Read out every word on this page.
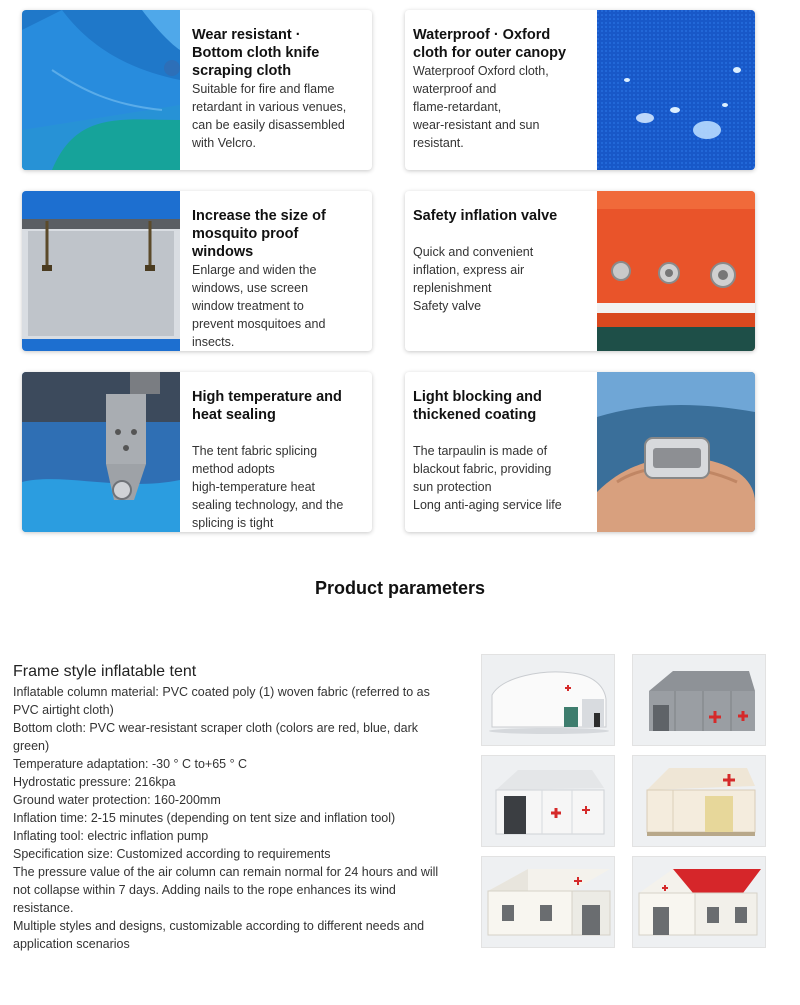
Wear resistant ·
Bottom cloth knife
scraping cloth

Suitable for fire and flame
retardant in various venues,
can be easily disassembled
with Velcro.

Waterproof · Oxford
cloth for outer canopy

Waterproof Oxford cloth,
waterproof and
flame-retardant,
wear-resistant and sun
resistant.

Increase the size of
mosquito proof
windows

Enlarge and widen the
windows, use screen
window treatment to
prevent mosquitoes and
insects.

Safety inflation valve

Quick and convenient
inflation, express air
replenishment
Safety valve

High temperature and
heat sealing

The tent fabric splicing
method adopts
high-temperature heat
sealing technology, and the
splicing is tight

Light blocking and
thickened coating

The tarpaulin is made of
blackout fabric, providing
sun protection
Long anti-aging service life

Product parameters
Frame style inflatable tent
Inflatable column material: PVC coated poly (1) woven fabric (referred to as
PVC airtight cloth)
Bottom cloth: PVC wear-resistant scraper cloth (colors are red, blue, dark
green)
Temperature adaptation: -30 ° C to+65 ° C
Hydrostatic pressure: 216kpa
Ground water protection: 160-200mm
Inflation time: 2-15 minutes (depending on tent size and inflation tool)
Inflating tool: electric inflation pump
Specification size: Customized according to requirements
The pressure value of the air column can remain normal for 24 hours and will
not collapse within 7 days. Adding nails to the rope enhances its wind
resistance.
Multiple styles and designs, customizable according to different needs and
application scenarios
